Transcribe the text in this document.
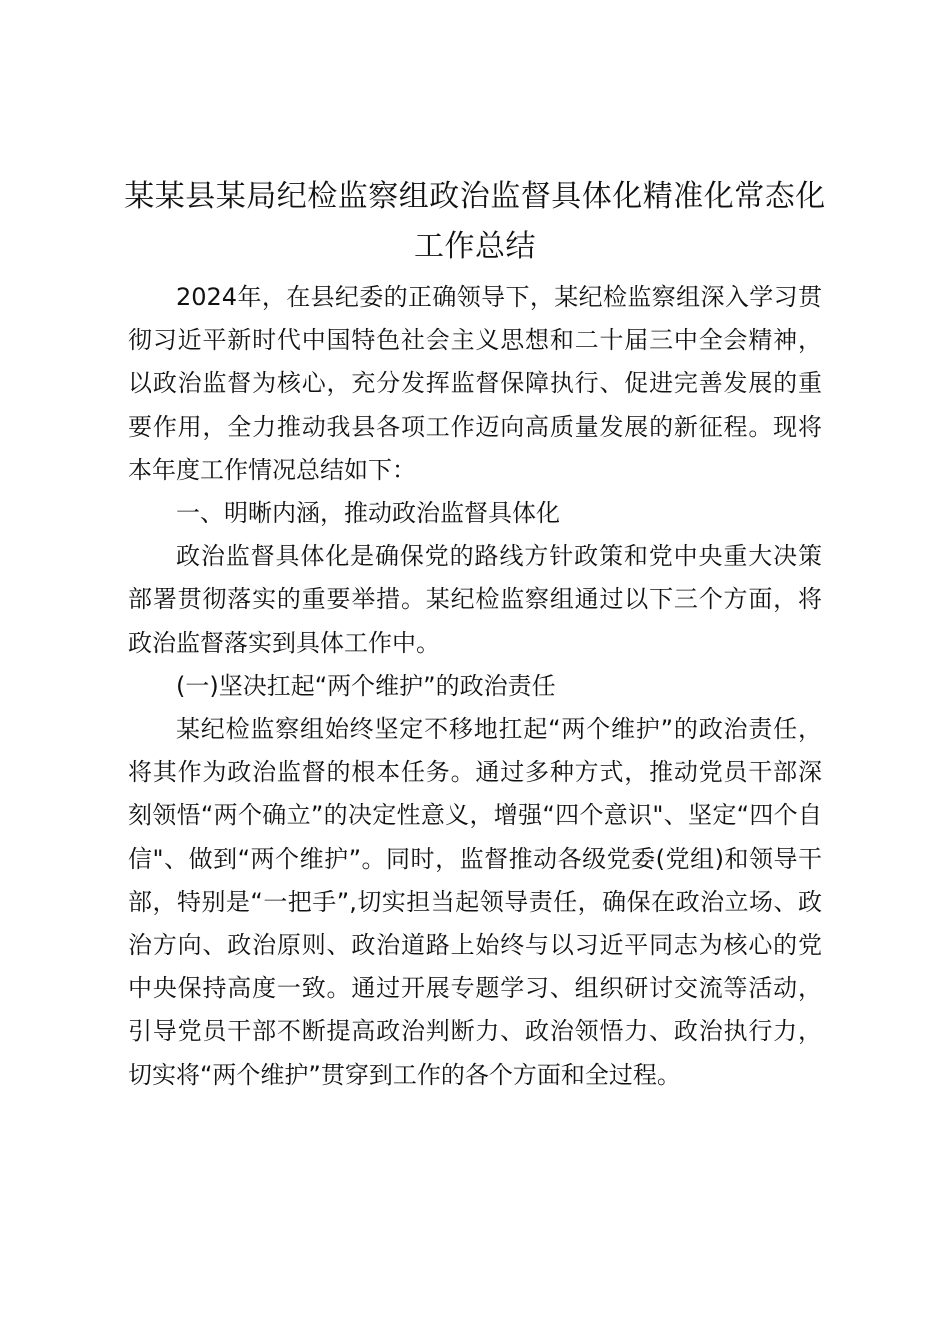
某某县某局纪检监察组政治监督具体化精准化常态化工作总结

2024年，在县纪委的正确领导下，某纪检监察组深入学习贯彻习近平新时代中国特色社会主义思想和二十届三中全会精神，以政治监督为核心，充分发挥监督保障执行、促进完善发展的重要作用，全力推动我县各项工作迈向高质量发展的新征程。现将本年度工作情况总结如下：

一、明晰内涵，推动政治监督具体化

政治监督具体化是确保党的路线方针政策和党中央重大决策部署贯彻落实的重要举措。某纪检监察组通过以下三个方面，将政治监督落实到具体工作中。

(一)坚决扛起“两个维护”的政治责任

某纪检监察组始终坚定不移地扛起“两个维护”的政治责任，将其作为政治监督的根本任务。通过多种方式，推动党员干部深刻领悟“两个确立”的决定性意义，增强“四个意识"、坚定“四个自信"、做到“两个维护”。同时，监督推动各级党委(党组)和领导干部，特别是“一把手”,切实担当起领导责任，确保在政治立场、政治方向、政治原则、政治道路上始终与以习近平同志为核心的党中央保持高度一致。通过开展专题学习、组织研讨交流等活动，引导党员干部不断提高政治判断力、政治领悟力、政治执行力，切实将“两个维护”贯穿到工作的各个方面和全过程。
